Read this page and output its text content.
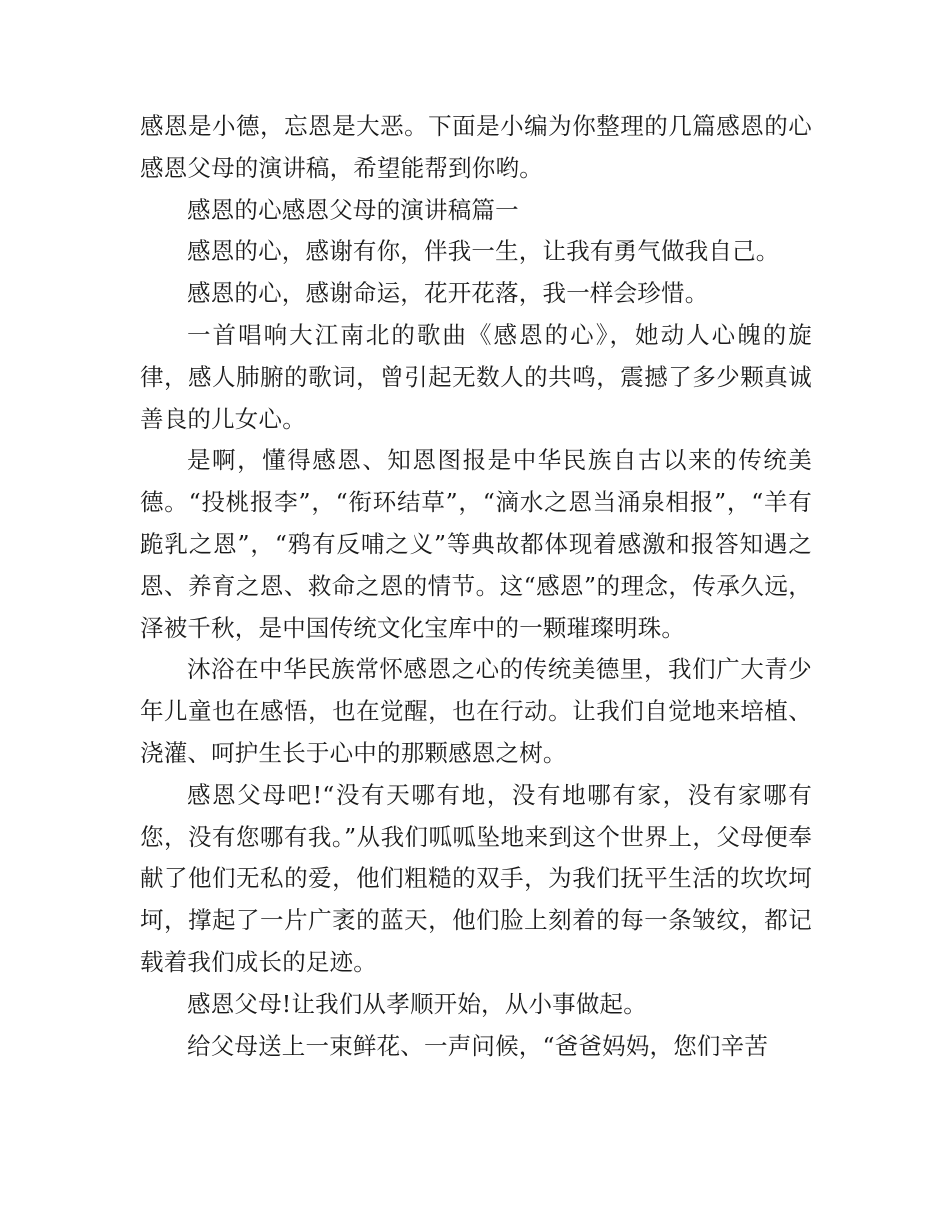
感恩是小德，忘恩是大恶。下面是小编为你整理的几篇感恩的心感恩父母的演讲稿，希望能帮到你哟。

感恩的心感恩父母的演讲稿篇一

感恩的心，感谢有你，伴我一生，让我有勇气做我自己。

感恩的心，感谢命运，花开花落，我一样会珍惜。

一首唱响大江南北的歌曲《感恩的心》，她动人心魄的旋律，感人肺腑的歌词，曾引起无数人的共鸣，震撼了多少颗真诚善良的儿女心。

是啊，懂得感恩、知恩图报是中华民族自古以来的传统美德。“投桃报李”，“衔环结草”，“滴水之恩当涌泉相报”，“羊有跪乳之恩”，“鸦有反哺之义”等典故都体现着感激和报答知遇之恩、养育之恩、救命之恩的情节。这“感恩”的理念，传承久远，泽被千秋，是中国传统文化宝库中的一颗璀璨明珠。

沐浴在中华民族常怀感恩之心的传统美德里，我们广大青少年儿童也在感悟，也在觉醒，也在行动。让我们自觉地来培植、浇灌、呵护生长于心中的那颗感恩之树。

感恩父母吧!“没有天哪有地，没有地哪有家，没有家哪有您，没有您哪有我。”从我们呱呱坠地来到这个世界上，父母便奉献了他们无私的爱，他们粗糙的双手，为我们抚平生活的坎坎坷坷，撑起了一片广袤的蓝天，他们脸上刻着的每一条皱纹，都记载着我们成长的足迹。

感恩父母!让我们从孝顺开始，从小事做起。

给父母送上一束鲜花、一声问候，“爸爸妈妈，您们辛苦
